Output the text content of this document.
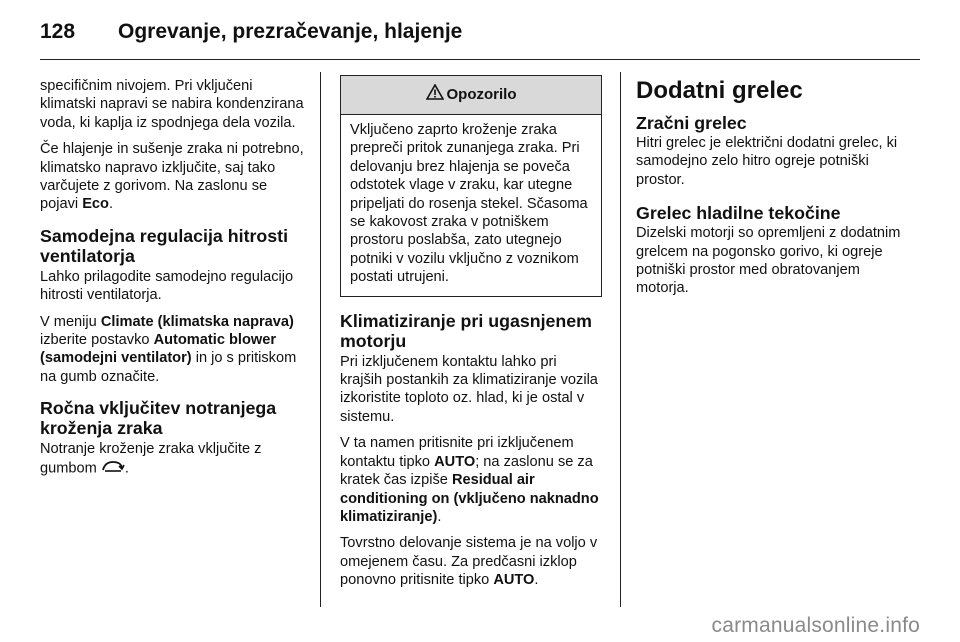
128	Ogrevanje, prezračevanje, hlajenje

specifičnim nivojem. Pri vključeni klimatski napravi se nabira kondenzirana voda, ki kaplja iz spodnjega dela vozila.

Če hlajenje in sušenje zraka ni potrebno, klimatsko napravo izključite, saj tako varčujete z gorivom. Na zaslonu se pojavi Eco.

Samodejna regulacija hitrosti ventilatorja

Lahko prilagodite samodejno regulacijo hitrosti ventilatorja.

V meniju Climate (klimatska naprava) izberite postavko Automatic blower (samodejni ventilator) in jo s pritiskom na gumb označite.

Ročna vključitev notranjega kroženja zraka

Notranje kroženje zraka vključite z gumbom .

Opozorilo
Vključeno zaprto kroženje zraka prepreči pritok zunanjega zraka. Pri delovanju brez hlajenja se poveča odstotek vlage v zraku, kar utegne pripeljati do rosenja stekel. Sčasoma se kakovost zraka v potniškem prostoru poslabša, zato utegnejo potniki v vozilu vključno z voznikom postati utrujeni.
Klimatiziranje pri ugasnjenem motorju

Pri izključenem kontaktu lahko pri krajših postankih za klimatiziranje vozila izkoristite toploto oz. hlad, ki je ostal v sistemu.

V ta namen pritisnite pri izključenem kontaktu tipko AUTO; na zaslonu se za kratek čas izpiše Residual air conditioning on (vključeno naknadno klimatiziranje).

Tovrstno delovanje sistema je na voljo v omejenem času. Za predčasni izklop ponovno pritisnite tipko AUTO.

Dodatni grelec
Zračni grelec

Hitri grelec je električni dodatni grelec, ki samodejno zelo hitro ogreje potniški prostor.

Grelec hladilne tekočine

Dizelski motorji so opremljeni z dodatnim grelcem na pogonsko gorivo, ki ogreje potniški prostor med obratovanjem motorja.

carmanualsonline.info
